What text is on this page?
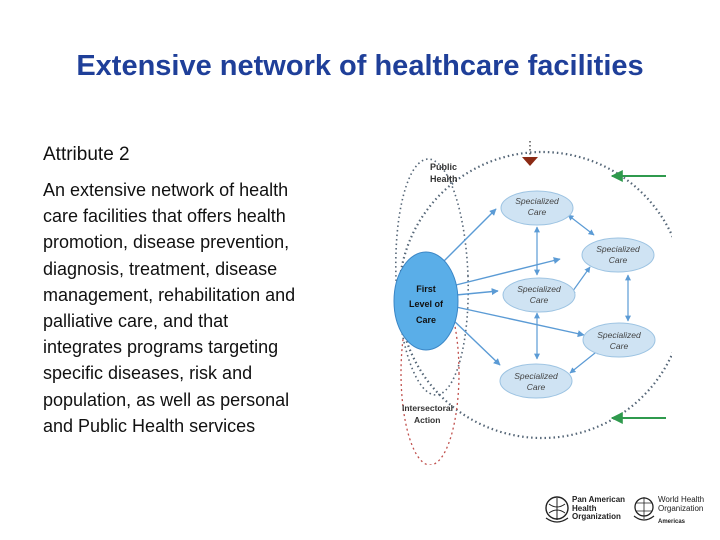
Extensive network of healthcare facilities
Attribute 2
An extensive network of health
care facilities that offers health
promotion, disease prevention,
diagnosis, treatment, disease
management, rehabilitation and
palliative care, and that
integrates programs targeting
specific diseases, risk and
population, as well as personal
and Public Health services
First
Level of
Care
Specialized
Care
Specialized
Care
Specialized
Care
Specialized
Care
Specialized
Care
Public
Health
Intersectoral
Action
Pan American
Health
Organization
World Health
Organization
Americas
